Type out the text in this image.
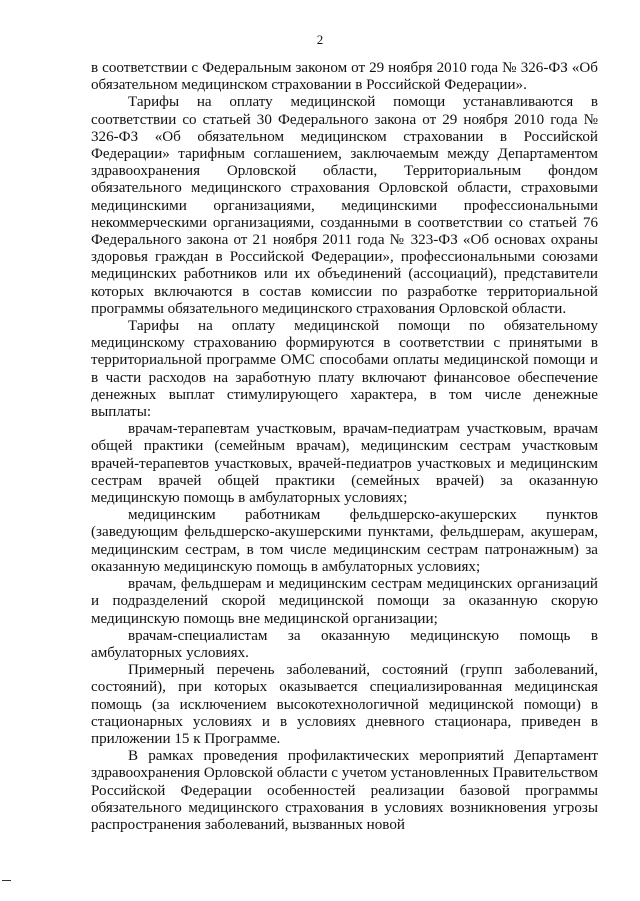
2

в соответствии с Федеральным законом от 29 ноября 2010 года № 326-ФЗ «Об обязательном медицинском страховании в Российской Федерации».

Тарифы на оплату медицинской помощи устанавливаются в соответствии со статьей 30 Федерального закона от 29 ноября 2010 года № 326-ФЗ «Об обязательном медицинском страховании в Российской Федерации» тарифным соглашением, заключаемым между Департаментом здравоохранения Орловской области, Территориальным фондом обязательного медицинского страхования Орловской области, страховыми медицинскими организациями, медицинскими профессиональными некоммерческими организациями, созданными в соответствии со статьей 76 Федерального закона от 21 ноября 2011 года № 323-ФЗ «Об основах охраны здоровья граждан в Российской Федерации», профессиональными союзами медицинских работников или их объединений (ассоциаций), представители которых включаются в состав комиссии по разработке территориальной программы обязательного медицинского страхования Орловской области.

Тарифы на оплату медицинской помощи по обязательному медицинскому страхованию формируются в соответствии с принятыми в территориальной программе ОМС способами оплаты медицинской помощи и в части расходов на заработную плату включают финансовое обеспечение денежных выплат стимулирующего характера, в том числе денежные выплаты:

врачам-терапевтам участковым, врачам-педиатрам участковым, врачам общей практики (семейным врачам), медицинским сестрам участковым врачей-терапевтов участковых, врачей-педиатров участковых и медицинским сестрам врачей общей практики (семейных врачей) за оказанную медицинскую помощь в амбулаторных условиях;

медицинским работникам фельдшерско-акушерских пунктов (заведующим фельдшерско-акушерскими пунктами, фельдшерам, акушерам, медицинским сестрам, в том числе медицинским сестрам патронажным) за оказанную медицинскую помощь в амбулаторных условиях;

врачам, фельдшерам и медицинским сестрам медицинских организаций и подразделений скорой медицинской помощи за оказанную скорую медицинскую помощь вне медицинской организации;

врачам-специалистам за оказанную медицинскую помощь в амбулаторных условиях.

Примерный перечень заболеваний, состояний (групп заболеваний, состояний), при которых оказывается специализированная медицинская помощь (за исключением высокотехнологичной медицинской помощи) в стационарных условиях и в условиях дневного стационара, приведен в приложении 15 к Программе.

В рамках проведения профилактических мероприятий Департамент здравоохранения Орловской области с учетом установленных Правительством Российской Федерации особенностей реализации базовой программы обязательного медицинского страхования в условиях возникновения угрозы распространения заболеваний, вызванных новой
